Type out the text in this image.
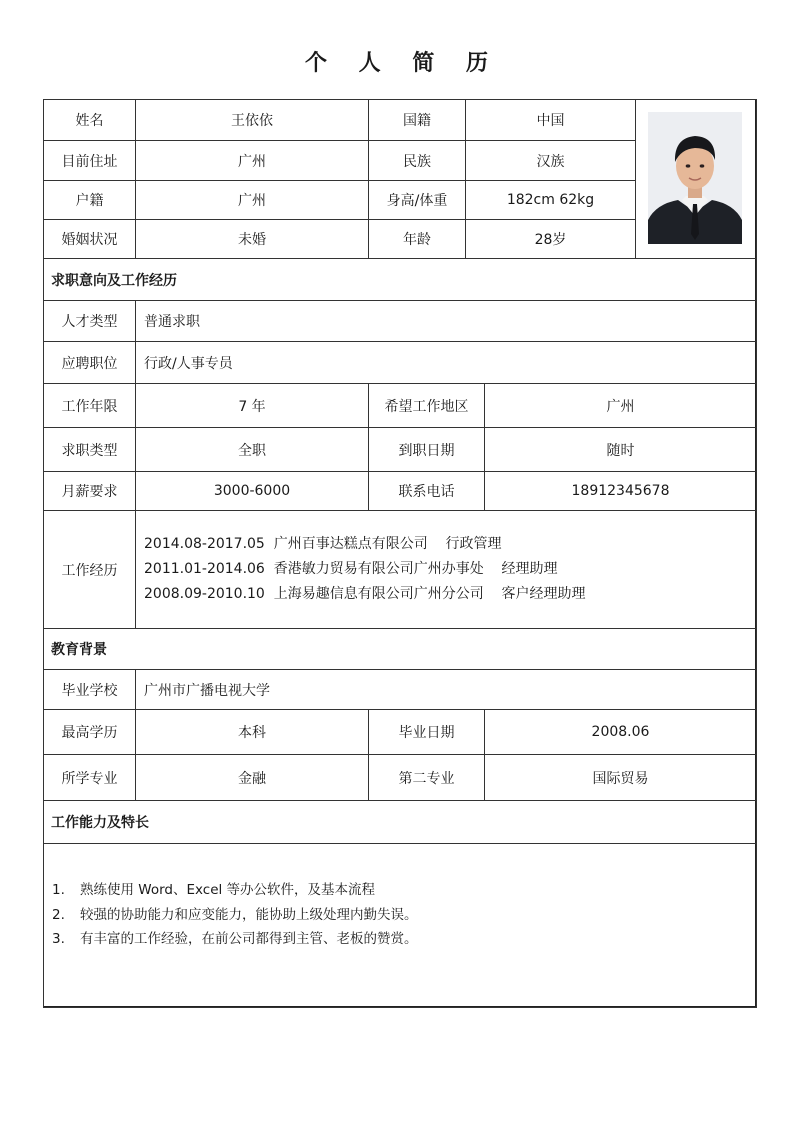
个 人 简 历
姓名	王依依	国籍	中国	

目前住址	广州	民族	汉族	
户籍	广州	身高/体重	182cm 62kg	
婚姻状况	未婚	年龄	28岁	
求职意向及工作经历			
人才类型	普通求职		
应聘职位	行政/人事专员		
工作年限	7 年	希望工作地区	广州
求职类型	全职	到职日期	随时
月薪要求	3000-6000	联系电话	18912345678
工作经历	2014.08-2017.05  广州百事达糕点有限公司    行政管理
2011.01-2014.06  香港敏力贸易有限公司广州办事处    经理助理
2008.09-2010.10  上海易趣信息有限公司广州分公司    客户经理助理		
教育背景			
毕业学校	广州市广播电视大学		
最高学历	本科	毕业日期	2008.06
所学专业	金融	第二专业	国际贸易
工作能力及特长

1. 熟练使用 Word、Excel 等办公软件，及基本流程
2. 较强的协助能力和应变能力，能协助上级处理内勤失误。
3. 有丰富的工作经验，在前公司都得到主管、老板的赞赏。
